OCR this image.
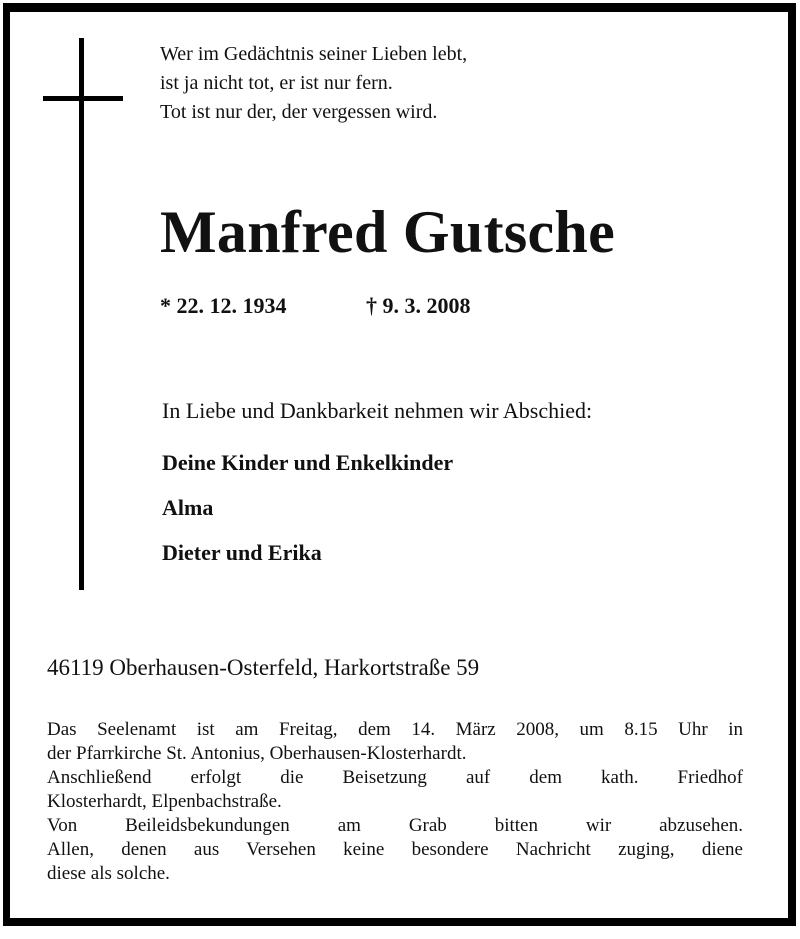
Wer im Gedächtnis seiner Lieben lebt,
ist ja nicht tot, er ist nur fern.
Tot ist nur der, der vergessen wird.
Manfred Gutsche
* 22. 12. 1934	† 9. 3. 2008
In Liebe und Dankbarkeit nehmen wir Abschied:
Deine Kinder und Enkelkinder
Alma
Dieter und Erika
46119 Oberhausen-Osterfeld, Harkortstraße 59
Das Seelenamt ist am Freitag, dem 14. März 2008, um 8.15 Uhr in
der Pfarrkirche St. Antonius, Oberhausen-Klosterhardt.
Anschließend erfolgt die Beisetzung auf dem kath. Friedhof
Klosterhardt, Elpenbachstraße.
Von Beileidsbekundungen am Grab bitten wir abzusehen.
Allen, denen aus Versehen keine besondere Nachricht zuging, diene
diese als solche.
